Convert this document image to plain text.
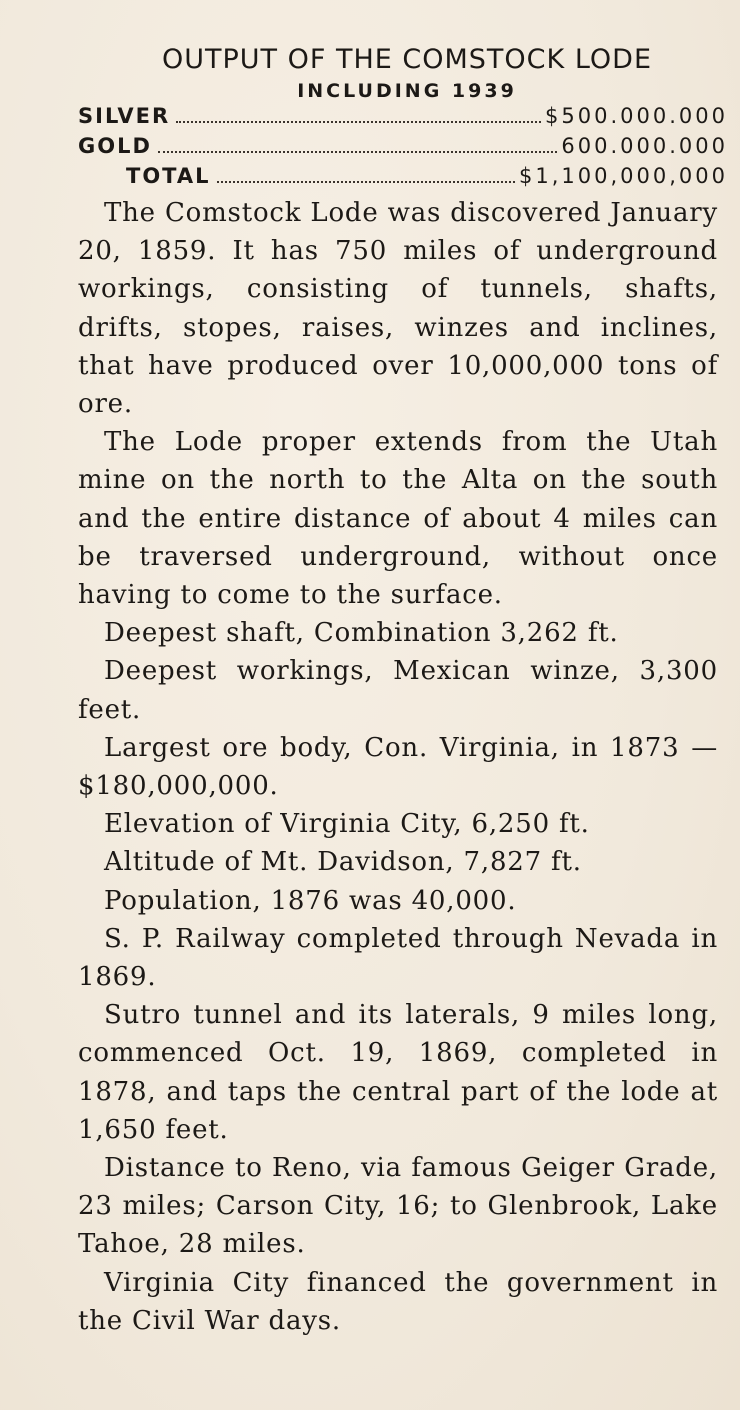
OUTPUT OF THE COMSTOCK LODE
INCLUDING 1939
SILVER	$500.000.000
GOLD	600.000.000
TOTAL	$1,100,000,000
The Comstock Lode was discovered January 20, 1859. It has 750 miles of underground workings, consisting of tunnels, shafts, drifts, stopes, raises, winzes and inclines, that have produced over 10,000,000 tons of ore.
The Lode proper extends from the Utah mine on the north to the Alta on the south and the entire distance of about 4 miles can be traversed underground, without once having to come to the surface.
Deepest shaft, Combination 3,262 ft.
Deepest workings, Mexican winze, 3,300 feet.
Largest ore body, Con. Virginia, in 1873 — $180,000,000.
Elevation of Virginia City, 6,250 ft.
Altitude of Mt. Davidson, 7,827 ft.
Population, 1876 was 40,000.
S. P. Railway completed through Nevada in 1869.
Sutro tunnel and its laterals, 9 miles long, commenced Oct. 19, 1869, completed in 1878, and taps the central part of the lode at 1,650 feet.
Distance to Reno, via famous Geiger Grade, 23 miles; Carson City, 16; to Glenbrook, Lake Tahoe, 28 miles.
Virginia City financed the government in the Civil War days.
